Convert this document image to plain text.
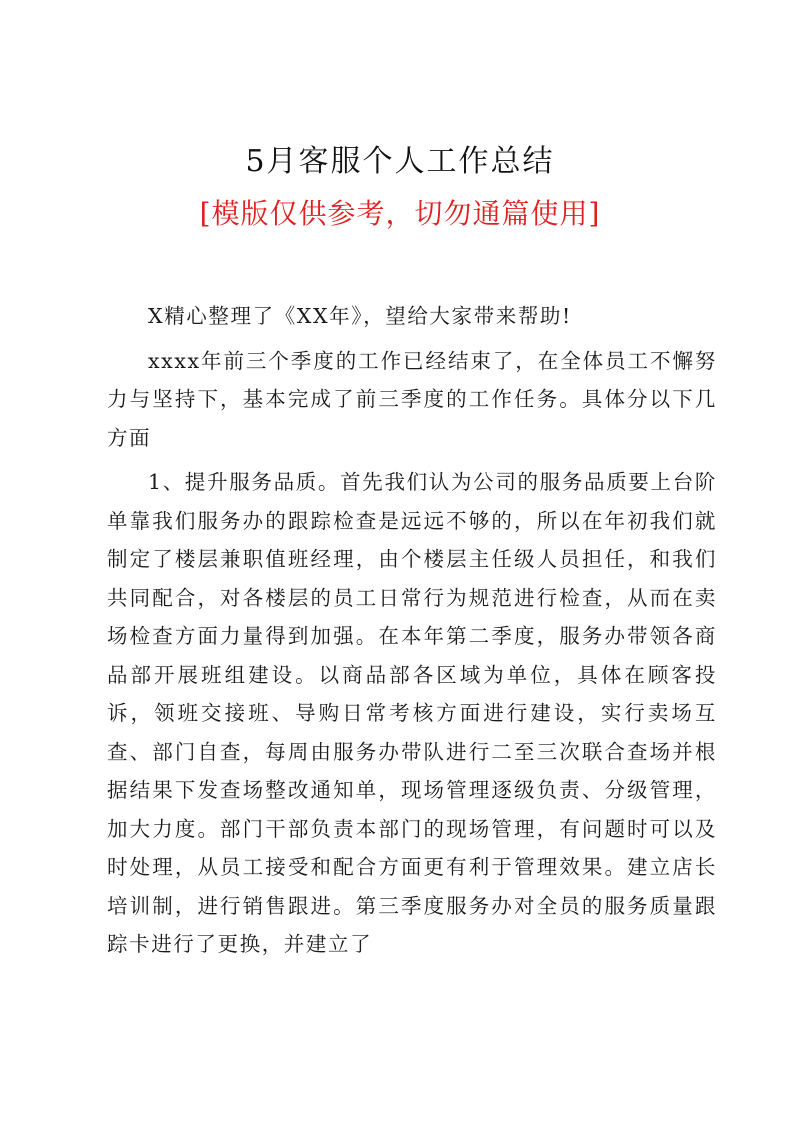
5月客服个人工作总结
[模版仅供参考，切勿通篇使用]

X精心整理了《XX年》，望给大家带来帮助!

xxxx年前三个季度的工作已经结束了，在全体员工不懈努力与坚持下，基本完成了前三季度的工作任务。具体分以下几方面

1、提升服务品质。首先我们认为公司的服务品质要上台阶单靠我们服务办的跟踪检查是远远不够的，所以在年初我们就制定了楼层兼职值班经理，由个楼层主任级人员担任，和我们共同配合，对各楼层的员工日常行为规范进行检查，从而在卖场检查方面力量得到加强。在本年第二季度，服务办带领各商品部开展班组建设。以商品部各区域为单位，具体在顾客投诉，领班交接班、导购日常考核方面进行建设，实行卖场互查、部门自查，每周由服务办带队进行二至三次联合查场并根据结果下发查场整改通知单，现场管理逐级负责、分级管理，加大力度。部门干部负责本部门的现场管理，有问题时可以及时处理，从员工接受和配合方面更有利于管理效果。建立店长培训制，进行销售跟进。第三季度服务办对全员的服务质量跟踪卡进行了更换，并建立了
